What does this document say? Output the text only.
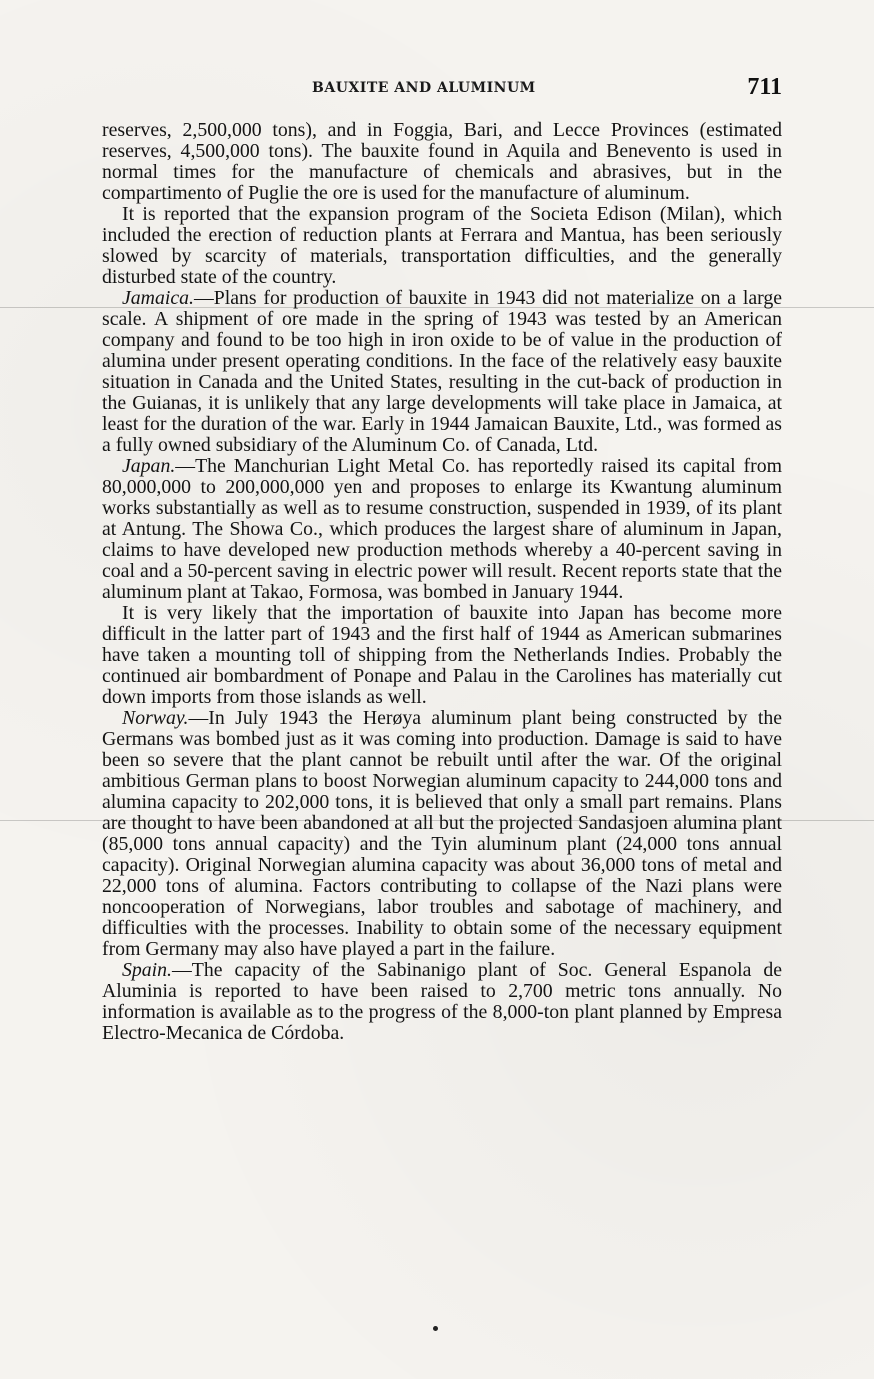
BAUXITE AND ALUMINUM	711

reserves, 2,500,000 tons), and in Foggia, Bari, and Lecce Provinces (estimated reserves, 4,500,000 tons). The bauxite found in Aquila and Benevento is used in normal times for the manufacture of chemicals and abrasives, but in the compartimento of Puglie the ore is used for the manufacture of aluminum.

It is reported that the expansion program of the Societa Edison (Milan), which included the erection of reduction plants at Ferrara and Mantua, has been seriously slowed by scarcity of materials, transportation difficulties, and the generally disturbed state of the country.

Jamaica.—Plans for production of bauxite in 1943 did not materialize on a large scale. A shipment of ore made in the spring of 1943 was tested by an American company and found to be too high in iron oxide to be of value in the production of alumina under present operating conditions. In the face of the relatively easy bauxite situation in Canada and the United States, resulting in the cut-back of production in the Guianas, it is unlikely that any large developments will take place in Jamaica, at least for the duration of the war. Early in 1944 Jamaican Bauxite, Ltd., was formed as a fully owned subsidiary of the Aluminum Co. of Canada, Ltd.

Japan.—The Manchurian Light Metal Co. has reportedly raised its capital from 80,000,000 to 200,000,000 yen and proposes to enlarge its Kwantung aluminum works substantially as well as to resume construction, suspended in 1939, of its plant at Antung. The Showa Co., which produces the largest share of aluminum in Japan, claims to have developed new production methods whereby a 40-percent saving in coal and a 50-percent saving in electric power will result. Recent reports state that the aluminum plant at Takao, Formosa, was bombed in January 1944.

It is very likely that the importation of bauxite into Japan has become more difficult in the latter part of 1943 and the first half of 1944 as American submarines have taken a mounting toll of shipping from the Netherlands Indies. Probably the continued air bombardment of Ponape and Palau in the Carolines has materially cut down imports from those islands as well.

Norway.—In July 1943 the Herøya aluminum plant being constructed by the Germans was bombed just as it was coming into production. Damage is said to have been so severe that the plant cannot be rebuilt until after the war. Of the original ambitious German plans to boost Norwegian aluminum capacity to 244,000 tons and alumina capacity to 202,000 tons, it is believed that only a small part remains. Plans are thought to have been abandoned at all but the projected Sandasjoen alumina plant (85,000 tons annual capacity) and the Tyin aluminum plant (24,000 tons annual capacity). Original Norwegian alumina capacity was about 36,000 tons of metal and 22,000 tons of alumina. Factors contributing to collapse of the Nazi plans were noncooperation of Norwegians, labor troubles and sabotage of machinery, and difficulties with the processes. Inability to obtain some of the necessary equipment from Germany may also have played a part in the failure.

Spain.—The capacity of the Sabinanigo plant of Soc. General Espanola de Aluminia is reported to have been raised to 2,700 metric tons annually. No information is available as to the progress of the 8,000-ton plant planned by Empresa Electro-Mecanica de Córdoba.
